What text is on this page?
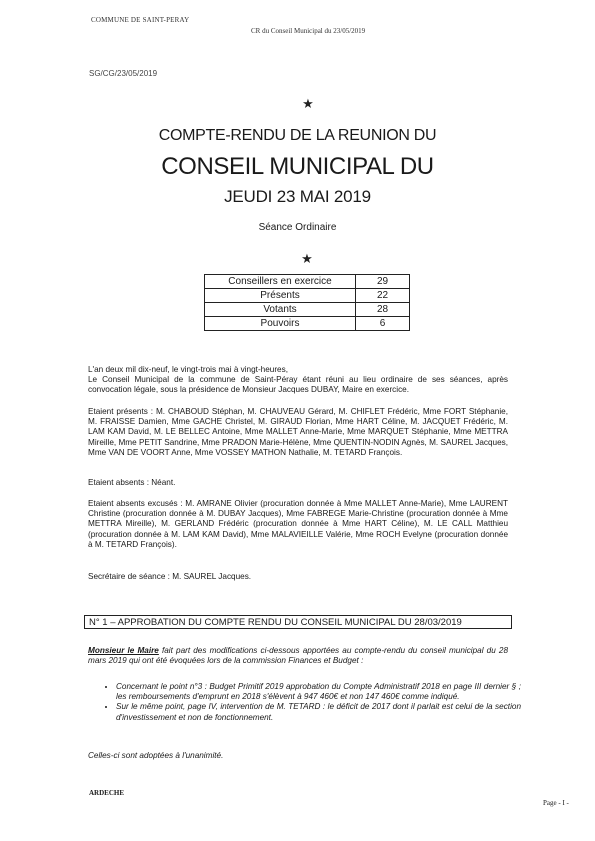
COMMUNE DE SAINT-PERAY
CR du Conseil Municipal du 23/05/2019
SG/CG/23/05/2019
★
COMPTE-RENDU DE LA REUNION DU
CONSEIL MUNICIPAL DU
JEUDI 23 MAI 2019
Séance Ordinaire
★
Conseillers en exercice	29
Présents	22
Votants	28
Pouvoirs	6
L'an deux mil dix-neuf, le vingt-trois mai à vingt-heures,
Le Conseil Municipal de la commune de Saint-Péray étant réuni au lieu ordinaire de ses séances, après convocation légale, sous la présidence de Monsieur Jacques DUBAY, Maire en exercice.
Etaient présents : M. CHABOUD Stéphan, M. CHAUVEAU Gérard, M. CHIFLET Frédéric, Mme FORT Stéphanie, M. FRAISSE Damien, Mme GACHE Christel, M. GIRAUD Florian, Mme HART Céline, M. JACQUET Frédéric, M. LAM KAM David, M. LE BELLEC Antoine, Mme MALLET Anne-Marie, Mme MARQUET Stéphanie, Mme METTRA Mireille, Mme PETIT Sandrine, Mme PRADON Marie-Hélène, Mme QUENTIN-NODIN Agnès, M. SAUREL Jacques, Mme VAN DE VOORT Anne, Mme VOSSEY MATHON Nathalie, M. TETARD François.
Etaient absents : Néant.
Etaient absents excusés : M. AMRANE Olivier (procuration donnée à Mme MALLET Anne-Marie), Mme LAURENT Christine (procuration donnée à M. DUBAY Jacques), Mme FABREGE Marie-Christine (procuration donnée à Mme METTRA Mireille), M. GERLAND Frédéric (procuration donnée à Mme HART Céline), M. LE CALL Matthieu (procuration donnée à M. LAM KAM David), Mme MALAVIEILLE Valérie, Mme ROCH Evelyne (procuration donnée à M. TETARD François).
Secrétaire de séance : M. SAUREL Jacques.
N° 1 – APPROBATION DU COMPTE RENDU DU CONSEIL MUNICIPAL DU 28/03/2019
Monsieur le Maire fait part des modifications ci-dessous apportées au compte-rendu du conseil municipal du 28 mars 2019 qui ont été évoquées lors de la commission Finances et Budget :
• Concernant le point n°3 : Budget Primitif 2019 approbation du Compte Administratif 2018 en page III dernier § ; les remboursements d'emprunt en 2018 s'élèvent à 947 460€ et non 147 460€ comme indiqué.
• Sur le même point, page IV, intervention de M. TETARD : le déficit de 2017 dont il parlait est celui de la section d'investissement et non de fonctionnement.
Celles-ci sont adoptées à l'unanimité.
ARDECHE
Page - I -
